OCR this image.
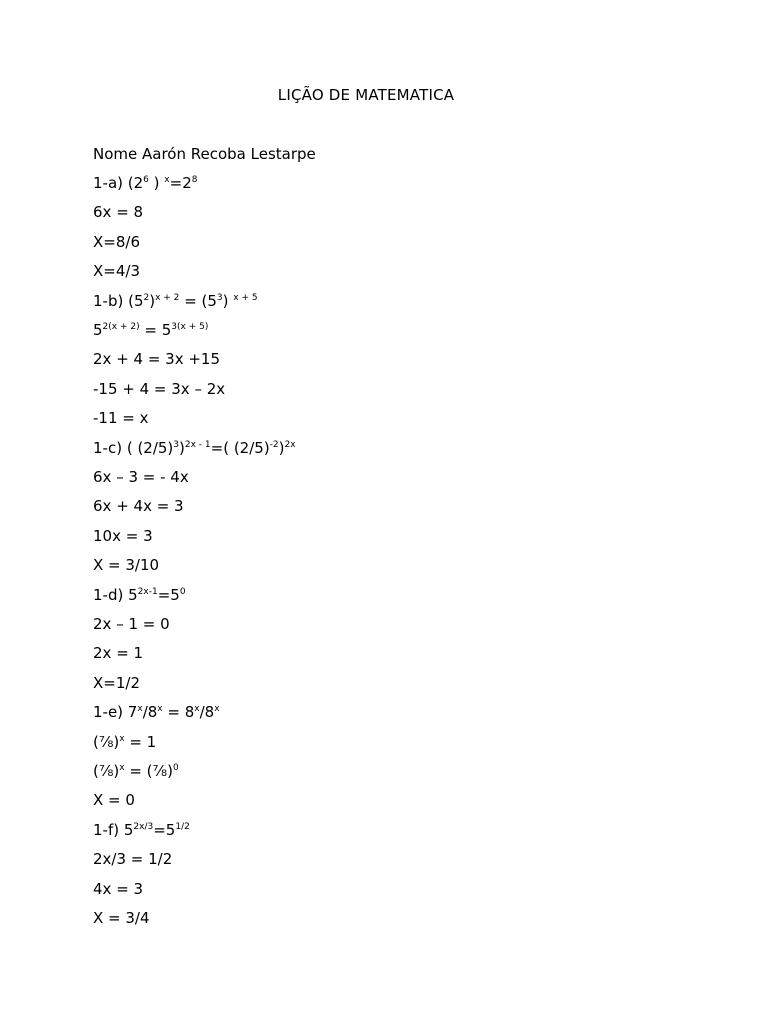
LIÇÃO DE MATEMATICA
Nome Aarón Recoba Lestarpe
1-a) ($2^6$ ) $^x=2^8$
6x = 8
X=8/6
X=4/3
1-b) $(5^2)^{x + 2} = (5^3)$ $^{x + 5}$
$5^{2(x + 2)} = 5^{3(x + 5)}$
2x + 4 = 3x +15
-15 + 4 = 3x – 2x
-11 = x
1-c) ( $(2/5)^3)^{2x - 1}=$( $(2/5)^{-2})^{2x}$
6x – 3 = - 4x
6x + 4x = 3
10x = 3
X = 3/10
1-d) $5^{2x-1}=5^0$
2x – 1 = 0
2x = 1
X=1/2
1-e) $7^x/8^x = 8^x/8^x$
(⅞)$^x$ = 1
(⅞)$^x$ = (⅞)$^0$
X = 0
1-f) $5^{2x/3}=5^{1/2}$
2x/3 = 1/2
4x = 3
X = 3/4
